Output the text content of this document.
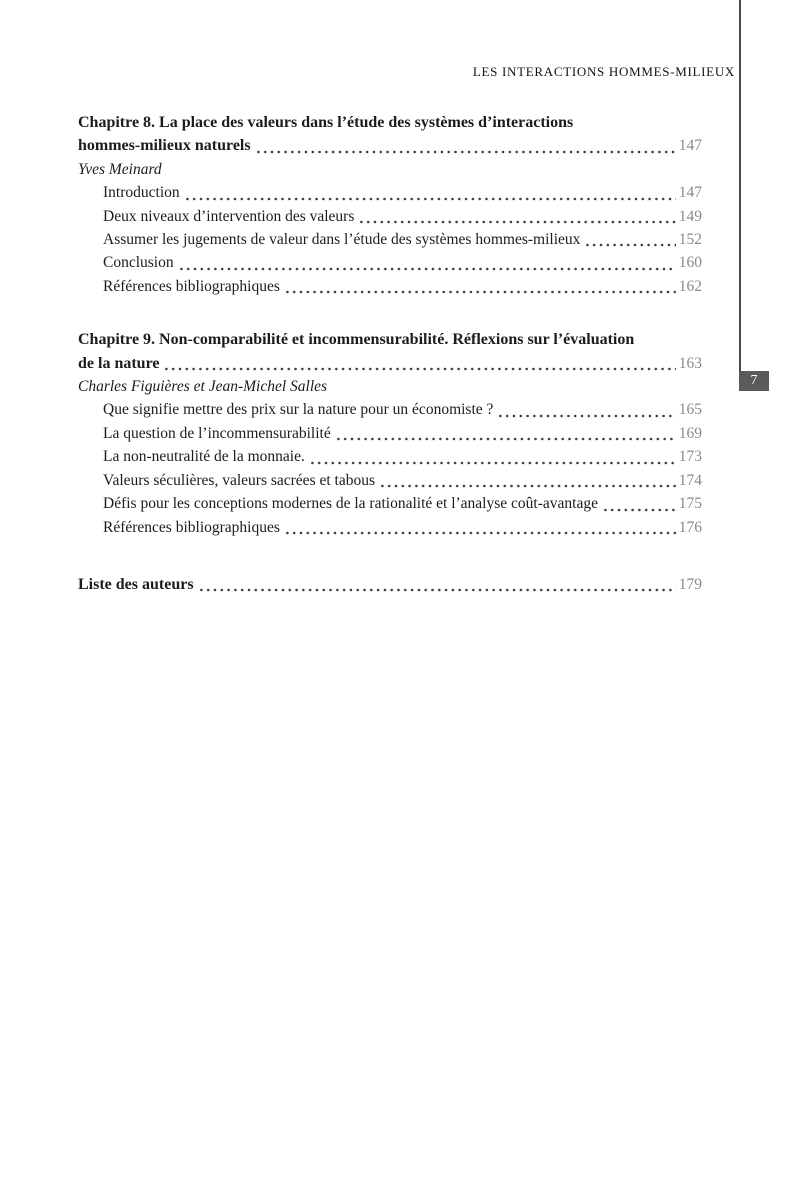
LES INTERACTIONS HOMMES-MILIEUX
7
Chapitre 8. La place des valeurs dans l’étude des systèmes d’interactions
hommes-milieux naturels	147
Yves Meinard
Introduction	147
Deux niveaux d’intervention des valeurs	149
Assumer les jugements de valeur dans l’étude des systèmes hommes-milieux	152
Conclusion	160
Références bibliographiques	162
Chapitre 9. Non-comparabilité et incommensurabilité. Réflexions sur l’évaluation
de la nature	163
Charles Figuières et Jean-Michel Salles
Que signifie mettre des prix sur la nature pour un économiste ?	165
La question de l’incommensurabilité	169
La non-neutralité de la monnaie.	173
Valeurs séculières, valeurs sacrées et tabous	174
Défis pour les conceptions modernes de la rationalité et l’analyse coût-avantage	175
Références bibliographiques	176
Liste des auteurs	179
